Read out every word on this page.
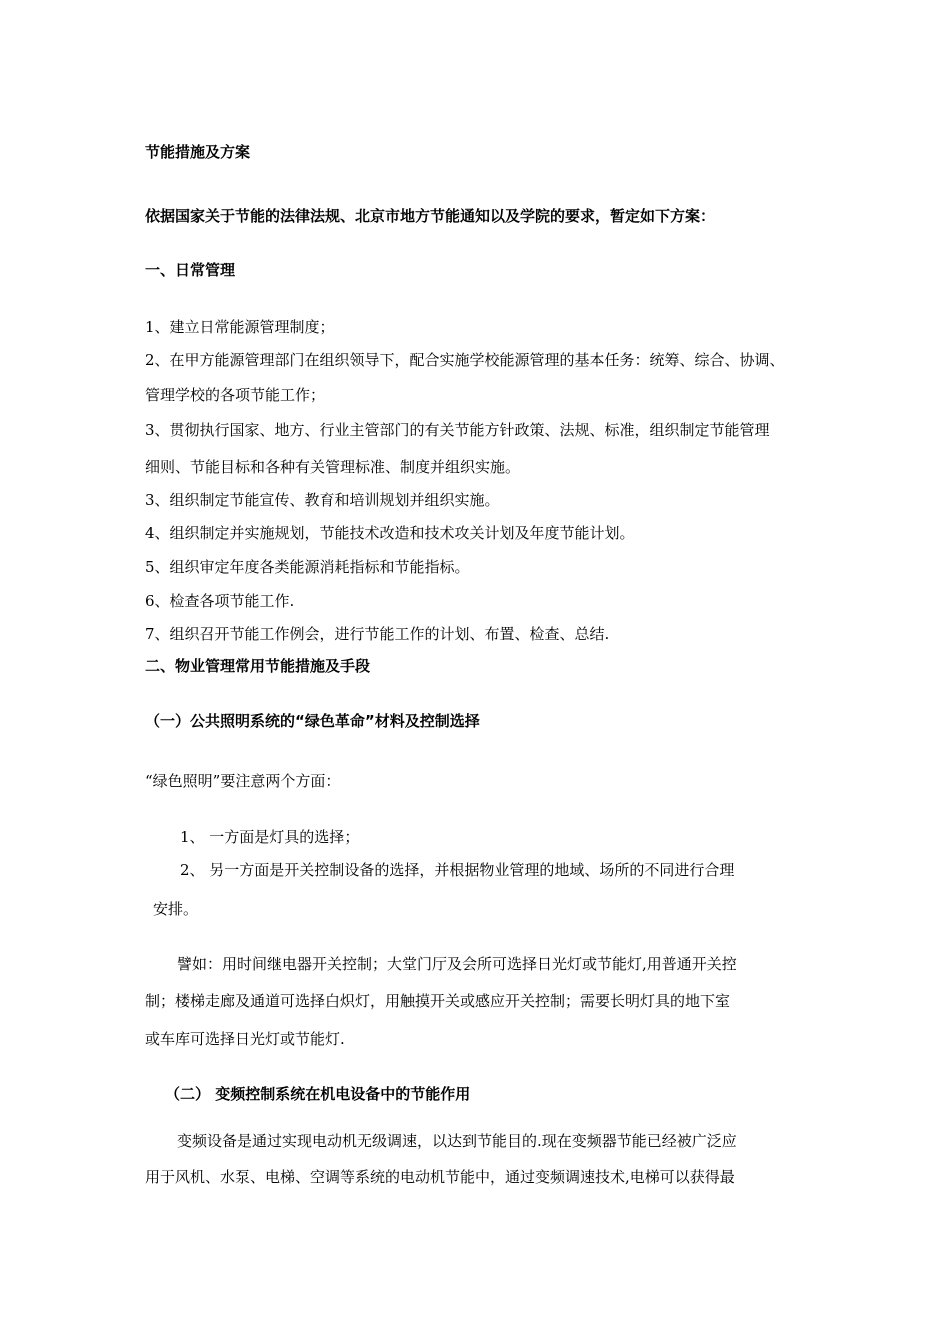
节能措施及方案

依据国家关于节能的法律法规、北京市地方节能通知以及学院的要求，暂定如下方案：

一、日常管理

1、建立日常能源管理制度；

2、在甲方能源管理部门在组织领导下，配合实施学校能源管理的基本任务：统筹、综合、协调、

管理学校的各项节能工作；

3、贯彻执行国家、地方、行业主管部门的有关节能方针政策、法规、标准，组织制定节能管理

细则、节能目标和各种有关管理标准、制度并组织实施。

3、组织制定节能宣传、教育和培训规划并组织实施。

4、组织制定并实施规划，节能技术改造和技术攻关计划及年度节能计划。

5、组织审定年度各类能源消耗指标和节能指标。

6、检查各项节能工作.

7、组织召开节能工作例会，进行节能工作的计划、布置、检查、总结.

二、物业管理常用节能措施及手段

（一）公共照明系统的“绿色革命”材料及控制选择

“绿色照明”要注意两个方面：

1、 一方面是灯具的选择；

2、 另一方面是开关控制设备的选择，并根据物业管理的地域、场所的不同进行合理

安排。

譬如：用时间继电器开关控制；大堂门厅及会所可选择日光灯或节能灯,用普通开关控

制；楼梯走廊及通道可选择白炽灯，用触摸开关或感应开关控制；需要长明灯具的地下室

或车库可选择日光灯或节能灯.

（二） 变频控制系统在机电设备中的节能作用

变频设备是通过实现电动机无级调速，以达到节能目的.现在变频器节能已经被广泛应

用于风机、水泵、电梯、空调等系统的电动机节能中，通过变频调速技术,电梯可以获得最
